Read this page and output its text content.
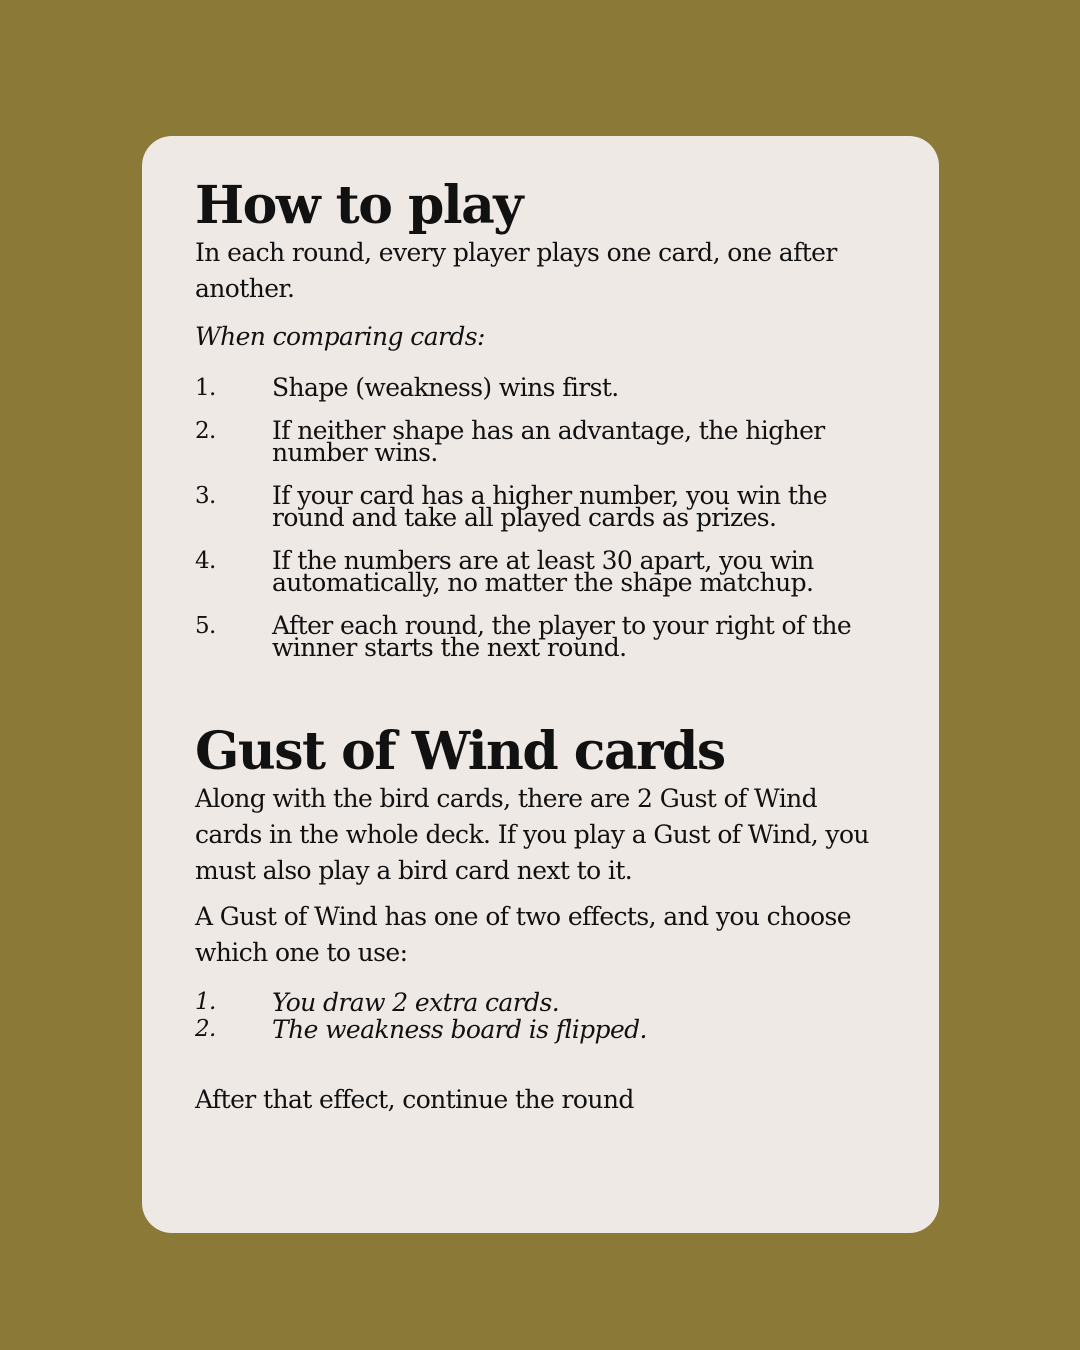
How to play

In each round, every player plays one card, one after another.

When comparing cards:

1. Shape (weakness) wins first.
2. If neither shape has an advantage, the higher number wins.
3. If your card has a higher number, you win the round and take all played cards as prizes.
4. If the numbers are at least 30 apart, you win automatically, no matter the shape matchup.
5. After each round, the player to your right of the winner starts the next round.
Gust of Wind cards

Along with the bird cards, there are 2 Gust of Wind cards in the whole deck. If you play a Gust of Wind, you must also play a bird card next to it.

A Gust of Wind has one of two effects, and you choose which one to use:

1. You draw 2 extra cards.
2. The weakness board is flipped.

After that effect, continue the round
